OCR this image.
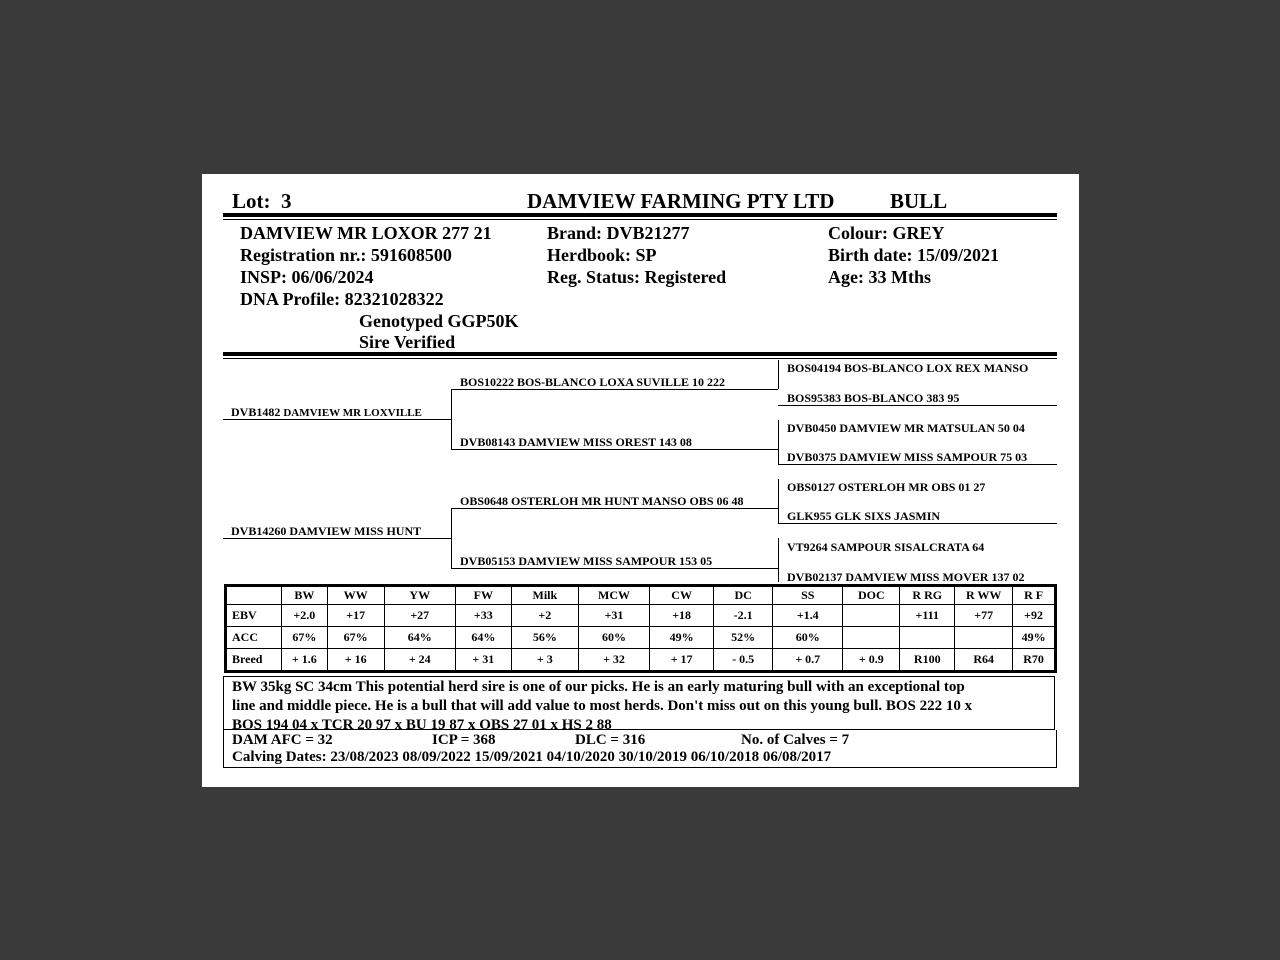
Lot: 3	DAMVIEW FARMING PTY LTD	BULL
DAMVIEW MR LOXOR 277 21
Registration nr.: 591608500
INSP: 06/06/2024
DNA Profile: 82321028322
Genotyped GGP50K
Sire Verified
Brand: DVB21277
Herdbook: SP
Reg. Status: Registered
Colour: GREY
Birth date: 15/09/2021
Age: 33 Mths
DVB1482 DAMVIEW MR LOXVILLE
DVB14260 DAMVIEW MISS HUNT
BOS10222 BOS-BLANCO LOXA SUVILLE 10 222
DVB08143 DAMVIEW MISS OREST 143 08
OBS0648 OSTERLOH MR HUNT MANSO OBS 06 48
DVB05153 DAMVIEW MISS SAMPOUR 153 05
BOS04194 BOS-BLANCO LOX REX MANSO
BOS95383 BOS-BLANCO 383 95
DVB0450 DAMVIEW MR MATSULAN 50 04
DVB0375 DAMVIEW MISS SAMPOUR 75 03
OBS0127 OSTERLOH MR OBS 01 27
GLK955 GLK SIXS JASMIN
VT9264 SAMPOUR SISALCRATA 64
DVB02137 DAMVIEW MISS MOVER 137 02
	BW	WW	YW	FW	Milk	MCW	CW	DC	SS	DOC	R RG	R WW	R F
EBV	+2.0	+17	+27	+33	+2	+31	+18	-2.1	+1.4		+111	+77	+92
ACC	67%	67%	64%	64%	56%	60%	49%	52%	60%				49%
Breed	+ 1.6	+ 16	+ 24	+ 31	+ 3	+ 32	+ 17	- 0.5	+ 0.7	+ 0.9	R100	R64	R70
BW 35kg SC 34cm This potential herd sire is one of our picks. He is an early maturing bull with an exceptional top
line and middle piece. He is a bull that will add value to most herds. Don't miss out on this young bull. BOS 222 10 x
BOS 194 04 x TCR 20 97 x BU 19 87 x OBS 27 01 x HS 2 88
DAM AFC = 32	ICP = 368	DLC = 316	No. of Calves = 7
Calving Dates: 23/08/2023 08/09/2022 15/09/2021 04/10/2020 30/10/2019 06/10/2018 06/08/2017
